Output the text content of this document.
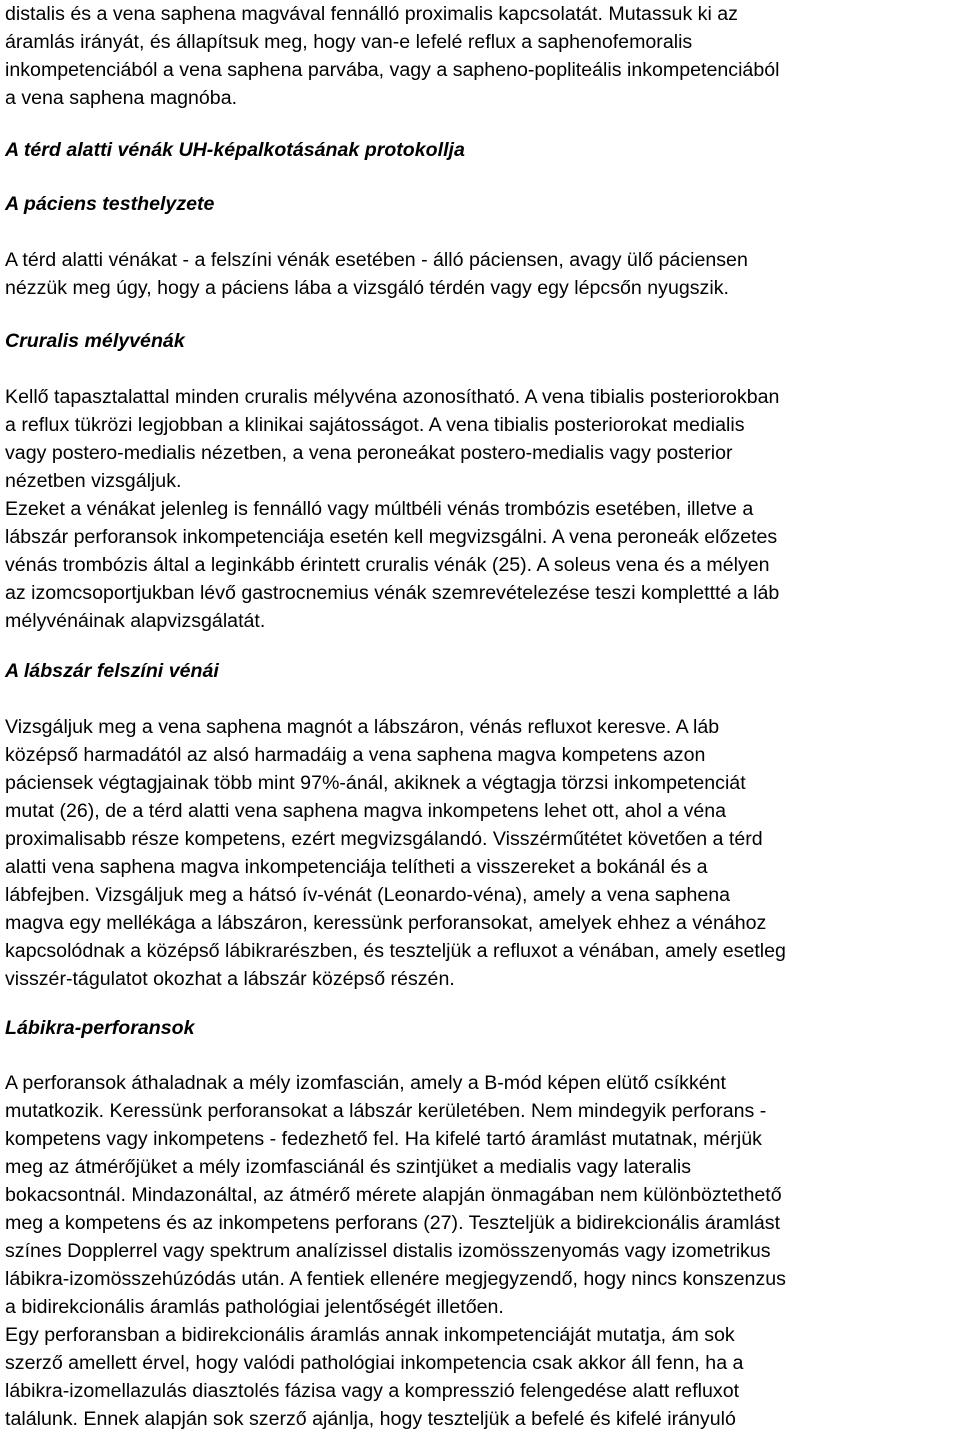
distalis és a vena saphena magvával fennálló proximalis kapcsolatát. Mutassuk ki az
áramlás irányát, és állapítsuk meg, hogy van-e lefelé reflux a saphenofemoralis
inkompetenciából a vena saphena parvába, vagy a sapheno-popliteális inkompetenciából
a vena saphena magnóba.
A térd alatti vénák UH-képalkotásának protokollja
A páciens testhelyzete
A térd alatti vénákat - a felszíni vénák esetében - álló páciensen, avagy ülő páciensen
nézzük meg úgy, hogy a páciens lába a vizsgáló térdén vagy egy lépcsőn nyugszik.
Cruralis mélyvénák
Kellő tapasztalattal minden cruralis mélyvéna azonosítható. A vena tibialis posteriorokban
a reflux tükrözi legjobban a klinikai sajátosságot. A vena tibialis posteriorokat medialis
vagy postero-medialis nézetben, a vena peroneákat postero-medialis vagy posterior
nézetben vizsgáljuk.
Ezeket a vénákat jelenleg is fennálló vagy múltbéli vénás trombózis esetében, illetve a
lábszár perforansok inkompetenciája esetén kell megvizsgálni. A vena peroneák előzetes
vénás trombózis által a leginkább érintett cruralis vénák (25). A soleus vena és a mélyen
az izomcsoportjukban lévő gastrocnemius vénák szemrevételezése teszi komplettté a láb
mélyvénáinak alapvizsgálatát.
A lábszár felszíni vénái
Vizsgáljuk meg a vena saphena magnót a lábszáron, vénás refluxot keresve. A láb
középső harmadától az alsó harmadáig a vena saphena magva kompetens azon
páciensek végtagjainak több mint 97%-ánál, akiknek a végtagja törzsi inkompetenciát
mutat (26), de a térd alatti vena saphena magva inkompetens lehet ott, ahol a véna
proximalisabb része kompetens, ezért megvizsgálandó. Visszérműtétet követően a térd
alatti vena saphena magva inkompetenciája telítheti a visszereket a bokánál és a
lábfejben. Vizsgáljuk meg a hátsó ív-vénát (Leonardo-véna), amely a vena saphena
magva egy mellékága a lábszáron, keressünk perforansokat, amelyek ehhez a vénához
kapcsolódnak a középső lábikrarészben, és teszteljük a refluxot a vénában, amely esetleg
visszér-tágulatot okozhat a lábszár középső részén.
Lábikra-perforansok
A perforansok áthaladnak a mély izomfascián, amely a B-mód képen elütő csíkként
mutatkozik. Keressünk perforansokat a lábszár kerületében. Nem mindegyik perforans -
kompetens vagy inkompetens - fedezhető fel. Ha kifelé tartó áramlást mutatnak, mérjük
meg az átmérőjüket a mély izomfasciánál és szintjüket a medialis vagy lateralis
bokacsontnál. Mindazonáltal, az átmérő mérete alapján önmagában nem különböztethető
meg a kompetens és az inkompetens perforans (27). Teszteljük a bidirekcionális áramlást
színes Dopplerrel vagy spektrum analízissel distalis izomösszenyomás vagy izometrikus
lábikra-izomösszehúzódás után. A fentiek ellenére megjegyzendő, hogy nincs konszenzus
a bidirekcionális áramlás pathológiai jelentőségét illetően.
Egy perforansban a bidirekcionális áramlás annak inkompetenciáját mutatja, ám sok
szerző amellett érvel, hogy valódi pathológiai inkompetencia csak akkor áll fenn, ha a
lábikra-izomellazulás diasztolés fázisa vagy a kompresszió felengedése alatt refluxot
találunk. Ennek alapján sok szerző ajánlja, hogy teszteljük a befelé és kifelé irányuló
